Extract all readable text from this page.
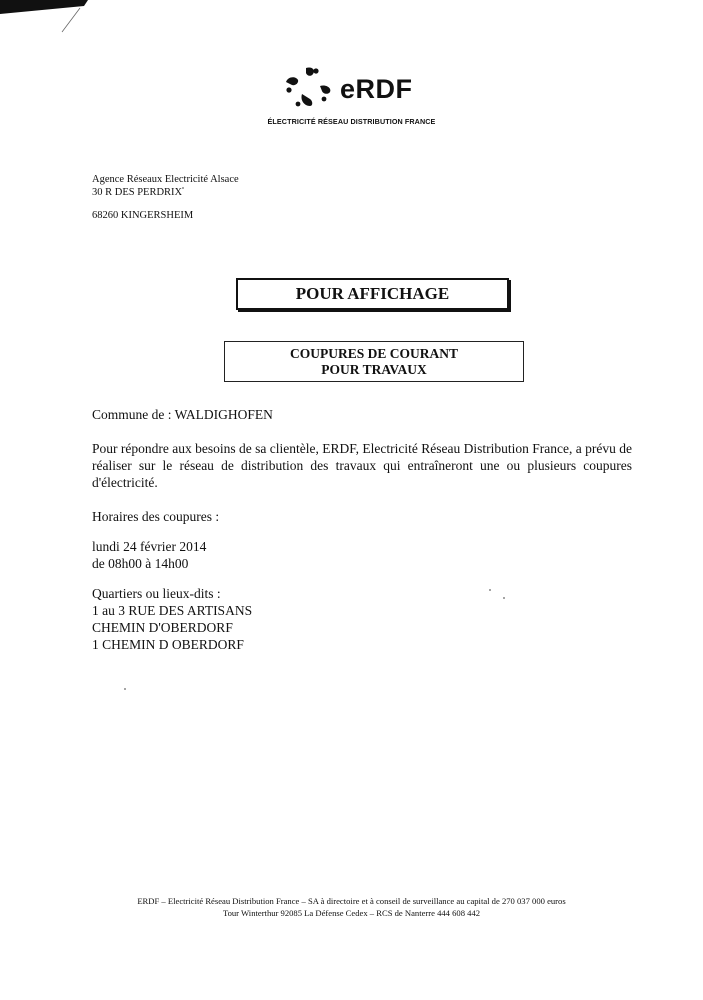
eRDF
ÉLECTRICITÉ RÉSEAU DISTRIBUTION FRANCE
Agence Réseaux Electricité Alsace
30 R DES PERDRIX
68260 KINGERSHEIM
POUR AFFICHAGE
COUPURES DE COURANT
POUR TRAVAUX
Commune de : WALDIGHOFEN
Pour répondre aux besoins de sa clientèle, ERDF, Electricité Réseau Distribution France, a prévu de réaliser sur le réseau de distribution des travaux qui entraîneront une ou plusieurs coupures d'électricité.
Horaires des coupures :
lundi 24 février 2014
de 08h00 à 14h00
Quartiers ou lieux-dits :
1 au 3 RUE DES ARTISANS
CHEMIN D'OBERDORF
1 CHEMIN D OBERDORF
ERDF – Electricité Réseau Distribution France – SA à directoire et à conseil de surveillance au capital de 270 037 000 euros
Tour Winterthur 92085 La Défense Cedex – RCS de Nanterre 444 608 442
